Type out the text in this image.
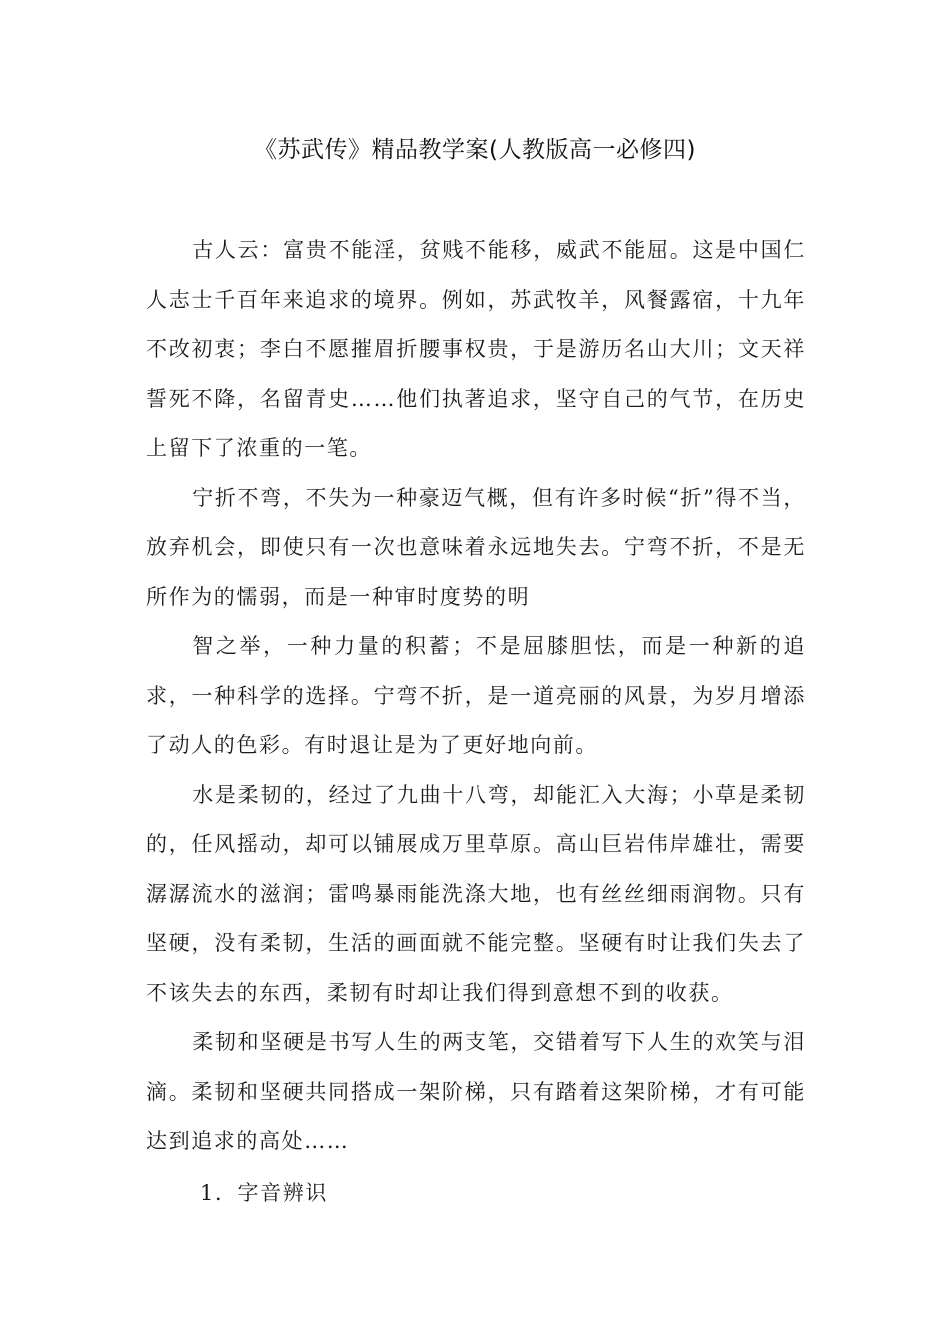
《苏武传》精品教学案(人教版高一必修四)

古人云：富贵不能淫，贫贱不能移，威武不能屈。这是中国仁人志士千百年来追求的境界。例如，苏武牧羊，风餐露宿，十九年不改初衷；李白不愿摧眉折腰事权贵，于是游历名山大川；文天祥誓死不降，名留青史……他们执著追求，坚守自己的气节，在历史上留下了浓重的一笔。

宁折不弯，不失为一种豪迈气概，但有许多时候“折”得不当，放弃机会，即使只有一次也意味着永远地失去。宁弯不折，不是无所作为的懦弱，而是一种审时度势的明

智之举，一种力量的积蓄；不是屈膝胆怯，而是一种新的追求，一种科学的选择。宁弯不折，是一道亮丽的风景，为岁月增添了动人的色彩。有时退让是为了更好地向前。

水是柔韧的，经过了九曲十八弯，却能汇入大海；小草是柔韧的，任风摇动，却可以铺展成万里草原。高山巨岩伟岸雄壮，需要潺潺流水的滋润；雷鸣暴雨能洗涤大地，也有丝丝细雨润物。只有坚硬，没有柔韧，生活的画面就不能完整。坚硬有时让我们失去了不该失去的东西，柔韧有时却让我们得到意想不到的收获。

柔韧和坚硬是书写人生的两支笔，交错着写下人生的欢笑与泪滴。柔韧和坚硬共同搭成一架阶梯，只有踏着这架阶梯，才有可能达到追求的高处……

1．字音辨识
